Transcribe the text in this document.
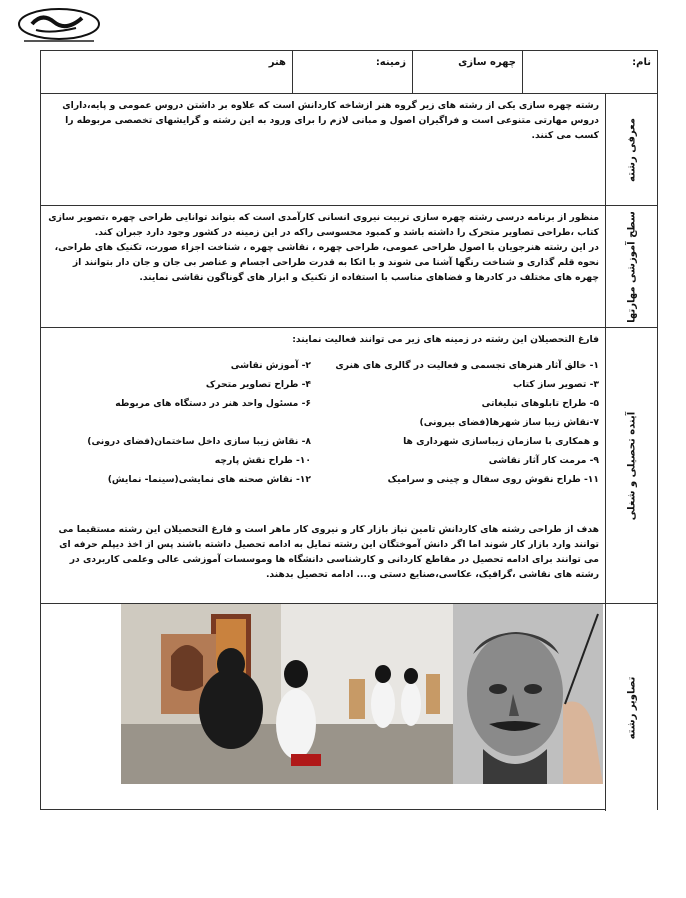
نام:
چهره سازی
زمینه:
هنر
رشته چهره سازی یکی از رشته های زیر گروه هنر ازشاخه کاردانش است که علاوه بر داشتن دروس عمومی و پایه،دارای دروس مهارتی متنوعی است و فراگیران اصول و مبانی لازم را برای ورود به این رشته و گرایشهای تخصصی مربوطه را کسب می کنند.	معرفی رشته
منظور از برنامه درسی رشته چهره سازی تربیت نیروی انسانی کارآمدی است که بتواند توانایی طراحی چهره ،تصویر سازی کتاب ،طراحی تصاویر متحرک را داشته باشد و کمبود محسوسی راکه در این زمینه در کشور وجود دارد جبران کند.
در این رشته هنرجویان با اصول طراحی عمومی، طراحی چهره ، نقاشی چهره ، شناخت اجزاء صورت، تکنیک های طراحی، نحوه قلم گذاری و شناخت رنگها آشنا می شوند و با اتکا به قدرت طراحی اجسام و عناصر بی جان و جان دار بتوانند از چهره های مختلف در کادرها و فضاهای مناسب با استفاده از تکنیک و ابزار های گوناگون نقاشی نمایند.	سطح آموزشی مهارتها
فارغ التحصیلان این رشته در زمینه های زیر می توانند فعالیت نمایند:
۱- خالق آثار هنرهای تجسمی و فعالیت در گالری های هنری
۳- تصویر ساز کتاب
۵- طراح تابلوهای تبلیغاتی
۷-نقاش زیبا ساز شهرها(فضای بیرونی)
و همکاری با سازمان زیباسازی شهرداری ها
۹- مرمت کار آثار نقاشی
۱۱- طراح نقوش روی سفال و چینی و سرامیک
۲- آموزش نقاشی
۴- طراح تصاویر متحرک
۶- مسئول واحد هنر در دستگاه های مربوطه
۸- نقاش زیبا سازی داخل ساختمان(فضای درونی)
۱۰- طراح نقش پارچه
۱۲- نقاش صحنه های نمایشی(سینما- نمایش)
هدف از طراحی رشته های کاردانش تامین نیاز بازار کار و نیروی کار ماهر است و فارغ التحصیلان این رشته مستقیما می توانند وارد بازار کار شوند اما اگر دانش آموختگان این رشته تمایل به ادامه تحصیل داشته باشند پس از اخذ دیپلم حرفه ای می توانند برای ادامه تحصیل در مقاطع کاردانی و کارشناسی دانشگاه ها وموسسات آموزشی عالی وعلمی کاربردی در رشته های نقاشی ،گرافیک، عکاسی،صنایع دستی و.... ادامه تحصیل بدهند.
آینده تحصیلی و شغلی
تصاویر رشته
